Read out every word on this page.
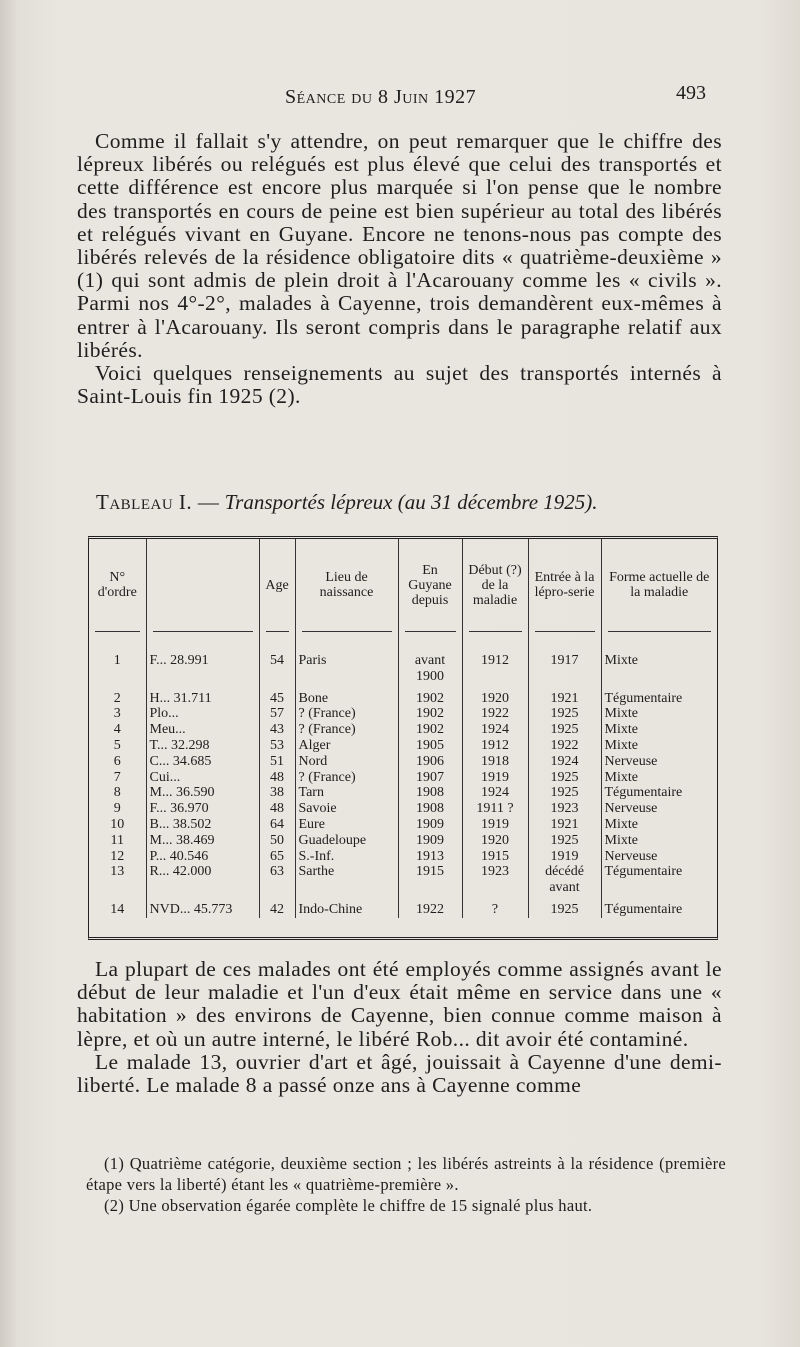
Séance du 8 Juin 1927	493

Comme il fallait s'y attendre, on peut remarquer que le chiffre des lépreux libérés ou relégués est plus élevé que celui des transportés et cette différence est encore plus marquée si l'on pense que le nombre des transportés en cours de peine est bien supérieur au total des libérés et relégués vivant en Guyane. Encore ne tenons-nous pas compte des libérés relevés de la résidence obligatoire dits « quatrième-deuxième » (1) qui sont admis de plein droit à l'Acarouany comme les « civils ». Parmi nos 4°-2°, malades à Cayenne, trois demandèrent eux-mêmes à entrer à l'Acarouany. Ils seront compris dans le paragraphe relatif aux libérés.

Voici quelques renseignements au sujet des transportés internés à Saint-Louis fin 1925 (2).

Tableau I. — Transportés lépreux (au 31 décembre 1925).
N° d'ordre		Age	Lieu de naissance	En Guyane depuis	Début (?) de la maladie	Entrée à la lépro-serie	Forme actuelle de la maladie

1	F... 28.991	54	Paris	avant 1900	1912	1917	Mixte
2	H... 31.711	45	Bone	1902	1920	1921	Tégumentaire
3	Plo...	57	? (France)	1902	1922	1925	Mixte
4	Meu...	43	? (France)	1902	1924	1925	Mixte
5	T... 32.298	53	Alger	1905	1912	1922	Mixte
6	C... 34.685	51	Nord	1906	1918	1924	Nerveuse
7	Cui...	48	? (France)	1907	1919	1925	Mixte
8	M... 36.590	38	Tarn	1908	1924	1925	Tégumentaire
9	F... 36.970	48	Savoie	1908	1911 ?	1923	Nerveuse
10	B... 38.502	64	Eure	1909	1919	1921	Mixte
11	M... 38.469	50	Guadeloupe	1909	1920	1925	Mixte
12	P... 40.546	65	S.-Inf.	1913	1915	1919	Nerveuse
13	R... 42.000	63	Sarthe	1915	1923	décédé avant	Tégumentaire
14	NVD... 45.773	42	Indo-Chine	1922	?	1925	Tégumentaire

La plupart de ces malades ont été employés comme assignés avant le début de leur maladie et l'un d'eux était même en service dans une « habitation » des environs de Cayenne, bien connue comme maison à lèpre, et où un autre interné, le libéré Rob... dit avoir été contaminé.

Le malade 13, ouvrier d'art et âgé, jouissait à Cayenne d'une demi-liberté. Le malade 8 a passé onze ans à Cayenne comme

(1) Quatrième catégorie, deuxième section ; les libérés astreints à la résidence (première étape vers la liberté) étant les « quatrième-première ».

(2) Une observation égarée complète le chiffre de 15 signalé plus haut.
